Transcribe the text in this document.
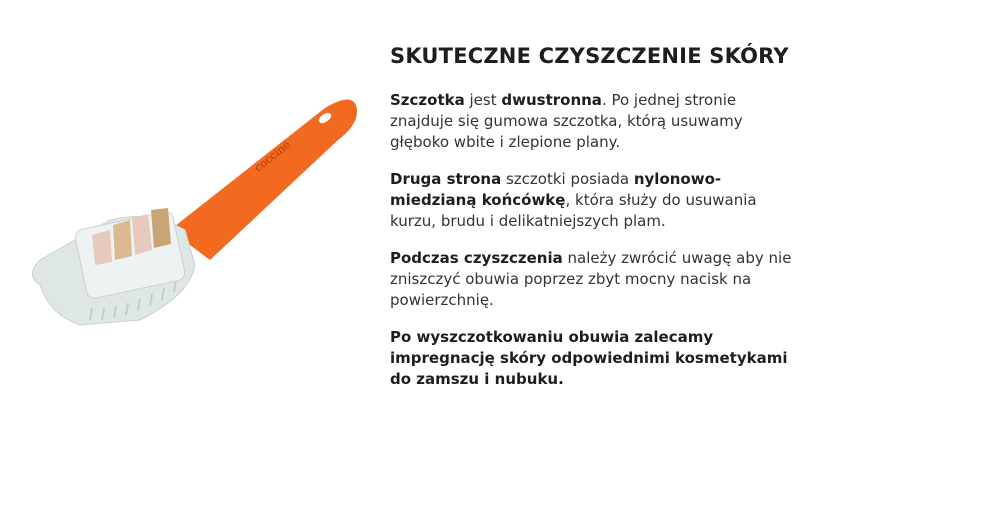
cocciné
SKUTECZNE CZYSZCZENIE SKÓRY

Szczotka jest dwustronna. Po jednej stronie
znajduje się gumowa szczotka, którą usuwamy
głęboko wbite i zlepione plany.

Druga strona szczotki posiada nylonowo-
miedzianą końcówkę, która służy do usuwania
kurzu, brudu i delikatniejszych plam.

Podczas czyszczenia należy zwrócić uwagę aby nie
zniszczyć obuwia poprzez zbyt mocny nacisk na
powierzchnię.

Po wyszczotkowaniu obuwia zalecamy
impregnację skóry odpowiednimi kosmetykami
do zamszu i nubuku.
